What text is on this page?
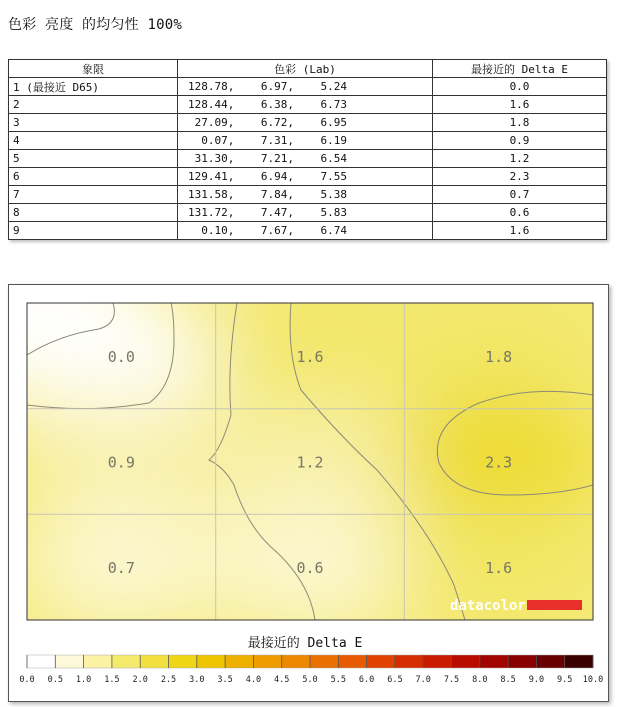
色彩 亮度 的均匀性 100%
象限	色彩 (Lab)	最接近的 Delta E
1 (最接近 D65)	128.78,    6.97,    5.24	0.0
2	128.44,    6.38,    6.73	1.6
3	27.09,    6.72,    6.95	1.8
4	0.07,    7.31,    6.19	0.9
5	31.30,    7.21,    6.54	1.2
6	129.41,    6.94,    7.55	2.3
7	131.58,    7.84,    5.38	0.7
8	131.72,    7.47,    5.83	0.6
9	0.10,    7.67,    6.74	1.6
0.0	1.6	1.8
0.9	1.2	2.3
0.7	0.6	1.6
datacolor
最接近的 Delta E
0.0 0.5 1.0 1.5 2.0 2.5 3.0 3.5 4.0 4.5 5.0 5.5 6.0 6.5 7.0 7.5 8.0 8.5 9.0 9.5 10.0
